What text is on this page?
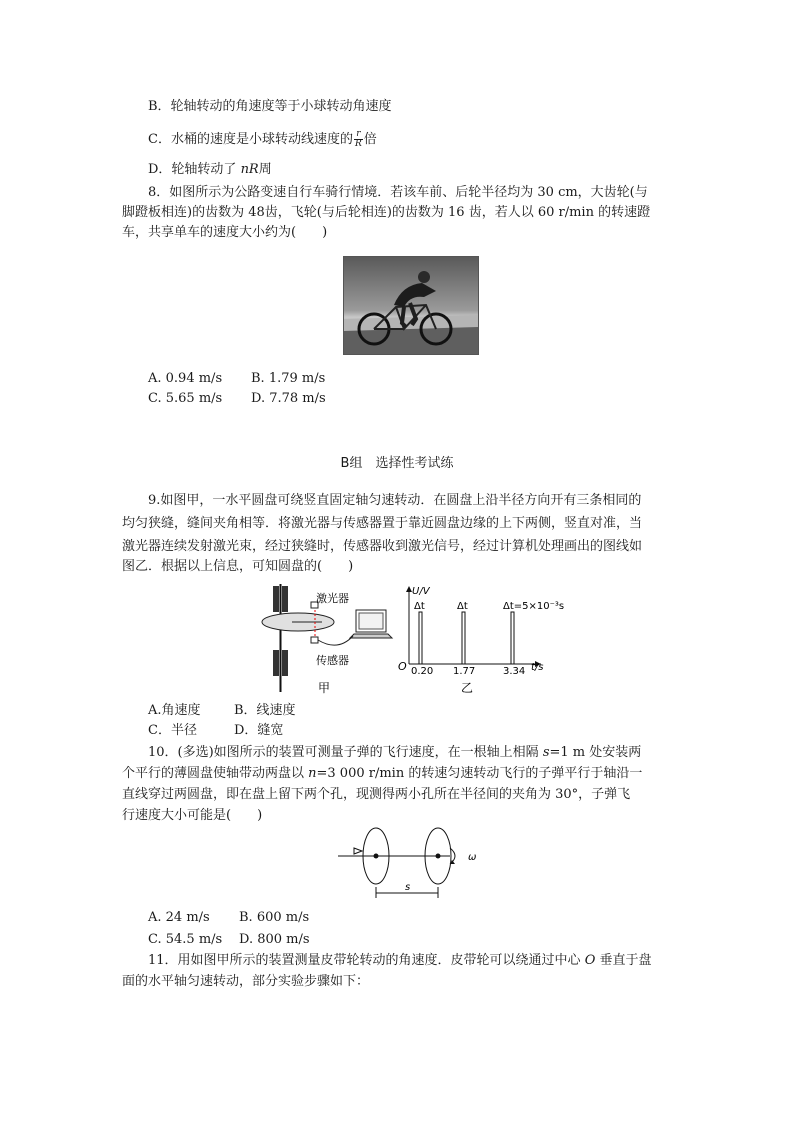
B．轮轴转动的角速度等于小球转动角速度
C．水桶的速度是小球转动线速度的 $\frac{r}{R}$ 倍
D．轮轴转动了 nR周
8．如图所示为公路变速自行车骑行情境．若该车前、后轮半径均为 30 cm，大齿轮(与
脚蹬板相连)的齿数为 48齿，飞轮(与后轮相连)的齿数为 16 齿，若人以 60 r/min 的转速蹬
车，共享单车的速度大小约为(　　)
A. 0.94 m/s B. 1.79 m/s
C. 5.65 m/s D. 7.78 m/s
B组　选择性考试练
9.如图甲，一水平圆盘可绕竖直固定轴匀速转动．在圆盘上沿半径方向开有三条相同的
均匀狭缝，缝间夹角相等．将激光器与传感器置于靠近圆盘边缘的上下两侧，竖直对准，当
激光器连续发射激光束，经过狭缝时，传感器收到激光信号，经过计算机处理画出的图线如
图乙．根据以上信息，可知圆盘的(　　)
激光器
传感器
甲
U/V
Δt	Δt	Δt=5×10⁻³s
O 0.20 1.77	3.34 t/s
乙
A.角速度	B．线速度
C．半径	D．缝宽
10．(多选)如图所示的装置可测量子弹的飞行速度，在一根轴上相隔 s=1 m 处安装两
个平行的薄圆盘使轴带动两盘以 n=3 000 r/min 的转速匀速转动飞行的子弹平行于轴沿一
直线穿过两圆盘，即在盘上留下两个孔，现测得两小孔所在半径间的夹角为 30°，子弹飞
行速度大小可能是(　　)
ω
s
A. 24 m/s B. 600 m/s
C. 54.5 m/s D. 800 m/s
11．用如图甲所示的装置测量皮带轮转动的角速度．皮带轮可以绕通过中心 O 垂直于盘
面的水平轴匀速转动，部分实验步骤如下：
